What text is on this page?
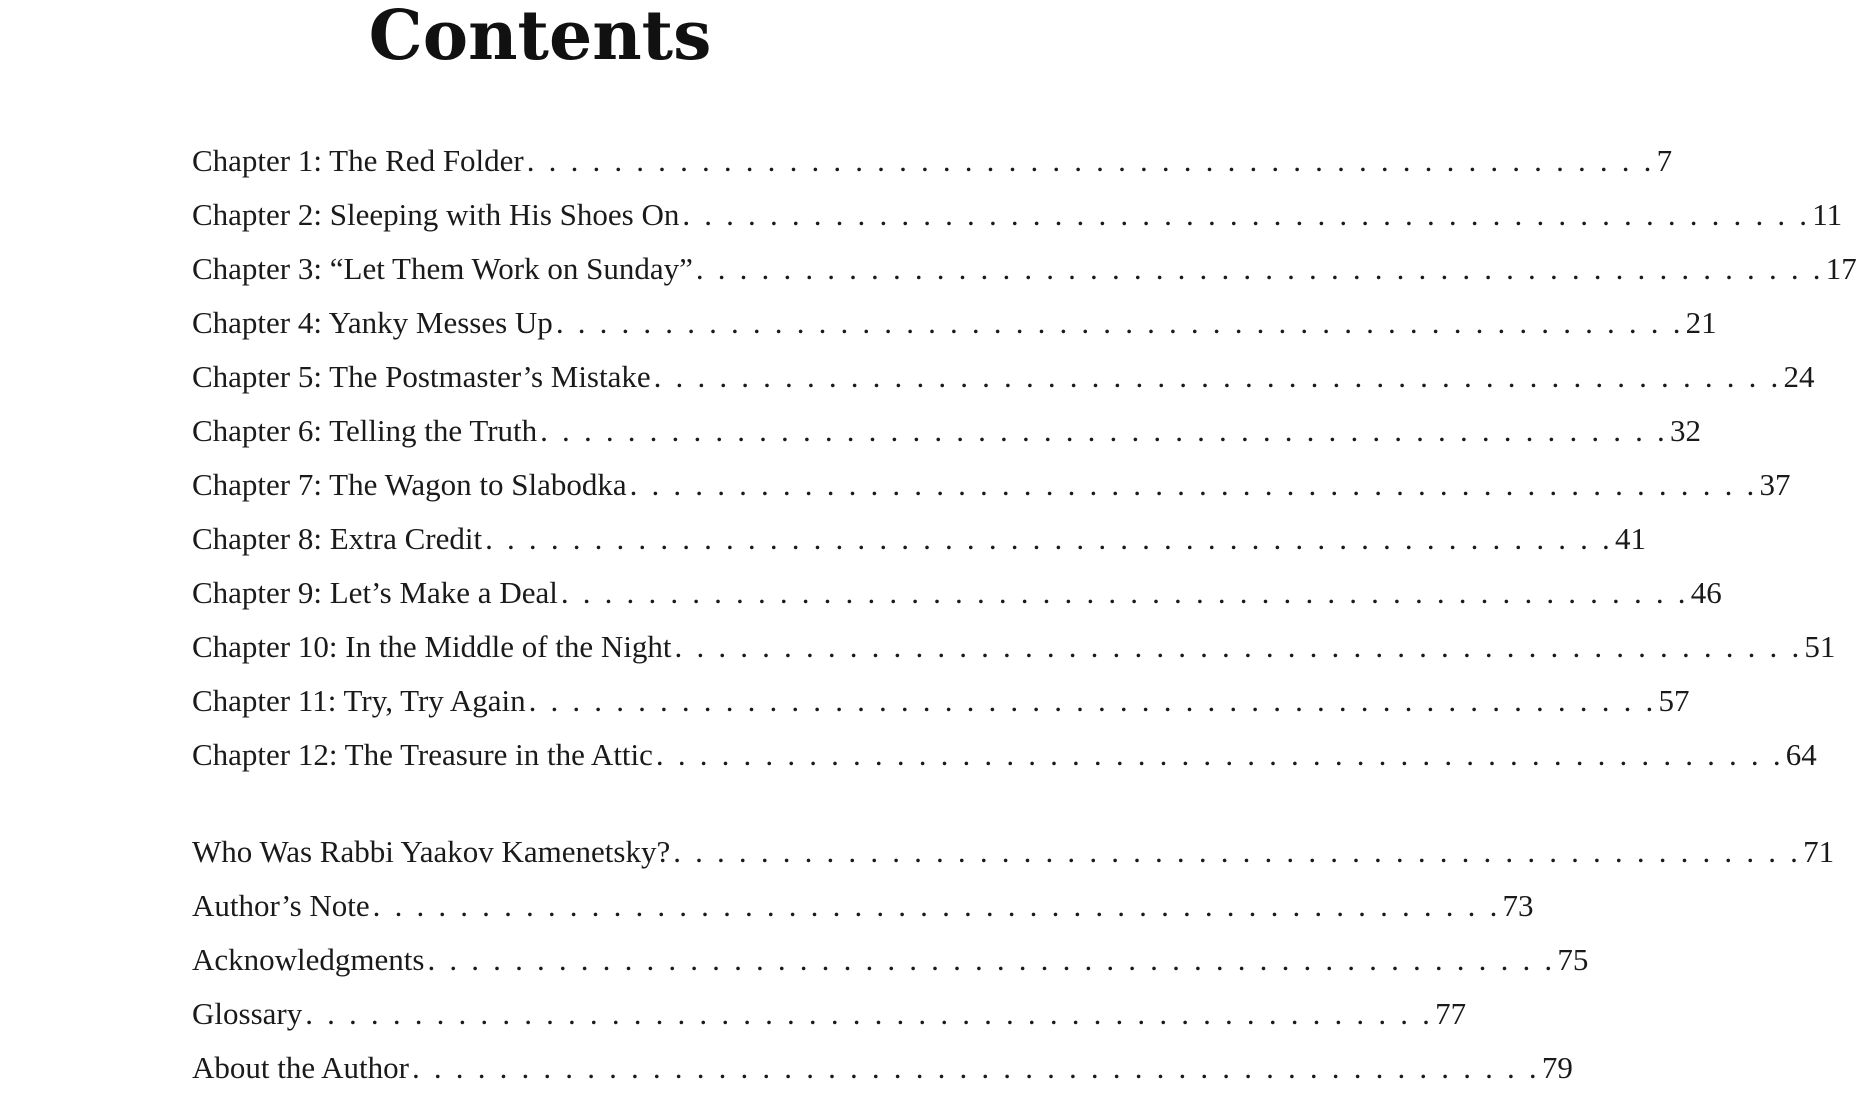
Contents
Chapter 1: The Red Folder . . . . . . . . . . . . . . . . . . . . . . . . . . . . . . . . . . . . . . . . . . . . . . . . . . . . 7
Chapter 2: Sleeping with His Shoes On . . . . . . . . . . . . . . . . . . . . . . . . . . . . . . . . . . . . . . . . . . . . . . . . . . . . 11
Chapter 3: “Let Them Work on Sunday” . . . . . . . . . . . . . . . . . . . . . . . . . . . . . . . . . . . . . . . . . . . . . . . . . . . . 17
Chapter 4: Yanky Messes Up . . . . . . . . . . . . . . . . . . . . . . . . . . . . . . . . . . . . . . . . . . . . . . . . . . . . 21
Chapter 5: The Postmaster’s Mistake . . . . . . . . . . . . . . . . . . . . . . . . . . . . . . . . . . . . . . . . . . . . . . . . . . . . 24
Chapter 6: Telling the Truth . . . . . . . . . . . . . . . . . . . . . . . . . . . . . . . . . . . . . . . . . . . . . . . . . . . . 32
Chapter 7: The Wagon to Slabodka . . . . . . . . . . . . . . . . . . . . . . . . . . . . . . . . . . . . . . . . . . . . . . . . . . . . 37
Chapter 8: Extra Credit . . . . . . . . . . . . . . . . . . . . . . . . . . . . . . . . . . . . . . . . . . . . . . . . . . . . 41
Chapter 9: Let’s Make a Deal . . . . . . . . . . . . . . . . . . . . . . . . . . . . . . . . . . . . . . . . . . . . . . . . . . . . 46
Chapter 10: In the Middle of the Night . . . . . . . . . . . . . . . . . . . . . . . . . . . . . . . . . . . . . . . . . . . . . . . . . . . . 51
Chapter 11: Try, Try Again . . . . . . . . . . . . . . . . . . . . . . . . . . . . . . . . . . . . . . . . . . . . . . . . . . . . 57
Chapter 12: The Treasure in the Attic . . . . . . . . . . . . . . . . . . . . . . . . . . . . . . . . . . . . . . . . . . . . . . . . . . . . 64
Who Was Rabbi Yaakov Kamenetsky? . . . . . . . . . . . . . . . . . . . . . . . . . . . . . . . . . . . . . . . . . . . . . . . . . . . . 71
Author’s Note . . . . . . . . . . . . . . . . . . . . . . . . . . . . . . . . . . . . . . . . . . . . . . . . . . . . 73
Acknowledgments . . . . . . . . . . . . . . . . . . . . . . . . . . . . . . . . . . . . . . . . . . . . . . . . . . . . 75
Glossary . . . . . . . . . . . . . . . . . . . . . . . . . . . . . . . . . . . . . . . . . . . . . . . . . . . . 77
About the Author . . . . . . . . . . . . . . . . . . . . . . . . . . . . . . . . . . . . . . . . . . . . . . . . . . . . 79
